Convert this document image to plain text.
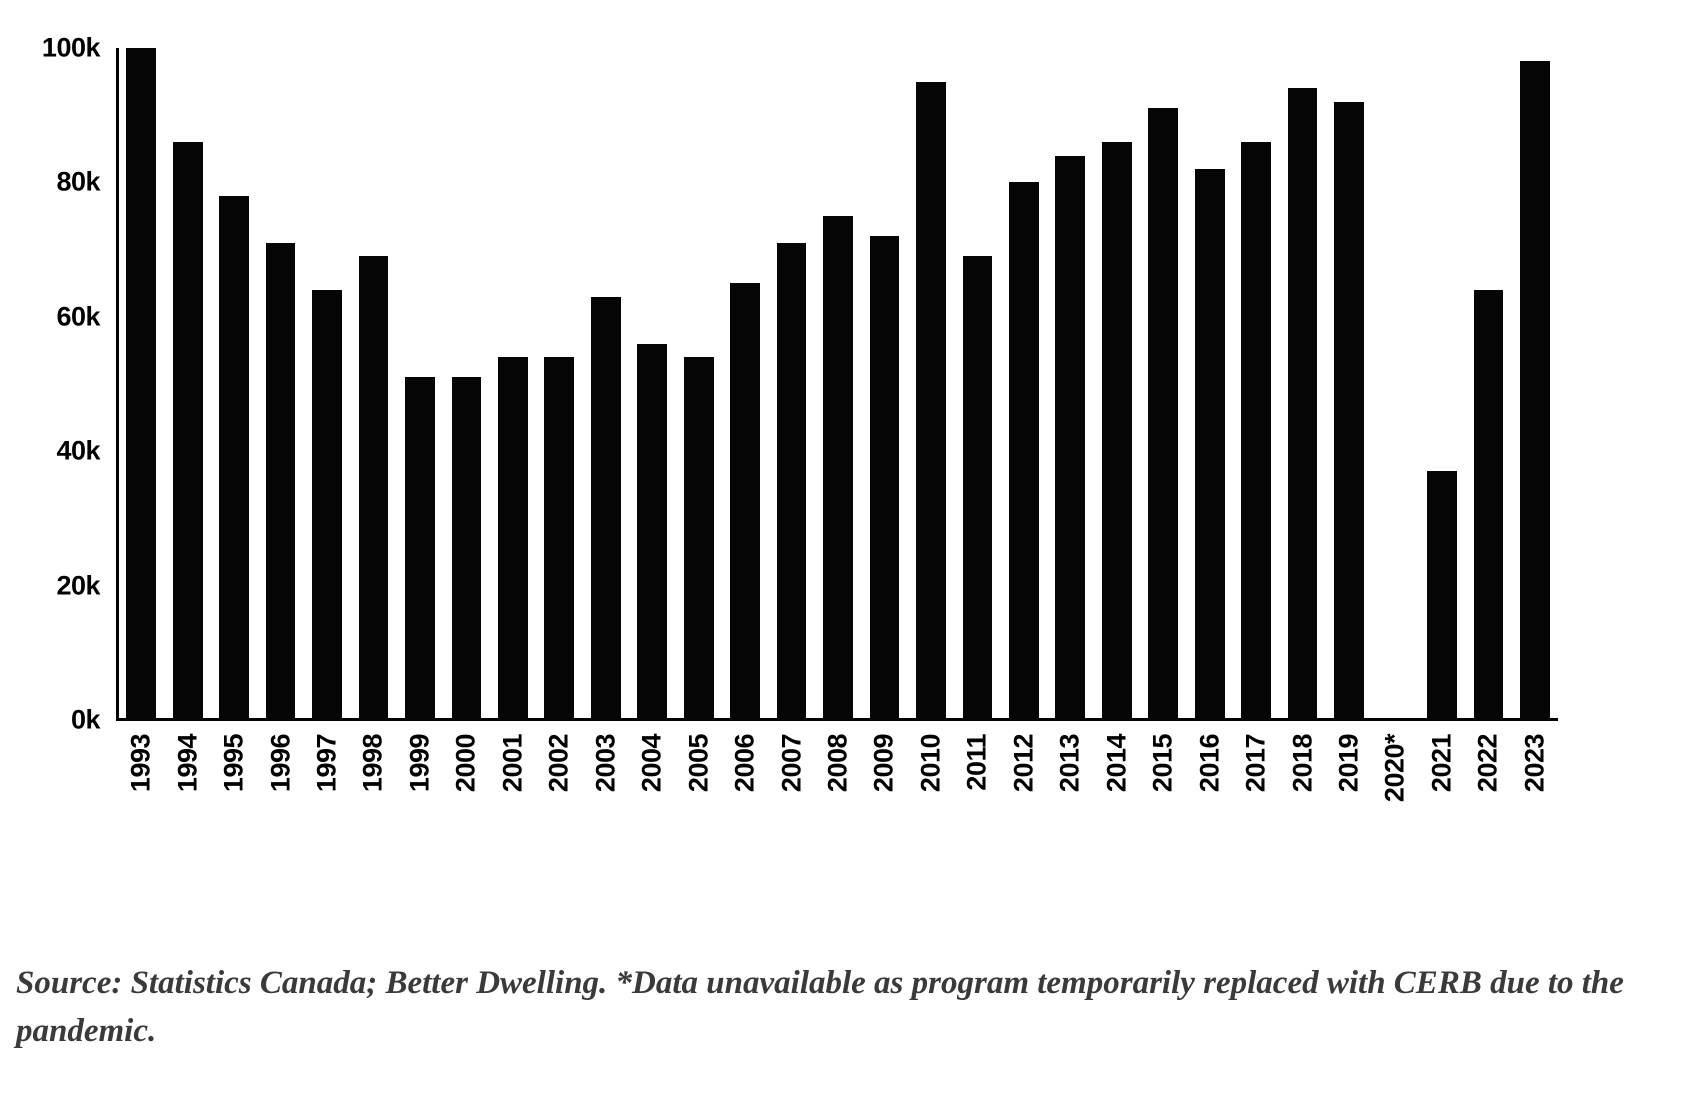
0k
20k
40k
60k
80k
100k
1993 1994 1995 1996 1997 1998 1999 2000 2001 2002 2003 2004 2005 2006 2007 2008 2009 2010 2011 2012 2013 2014 2015 2016 2017 2018 2019 2020* 2021 2022 2023
Source: Statistics Canada; Better Dwelling. *Data unavailable as program temporarily replaced with CERB due to the pandemic.
